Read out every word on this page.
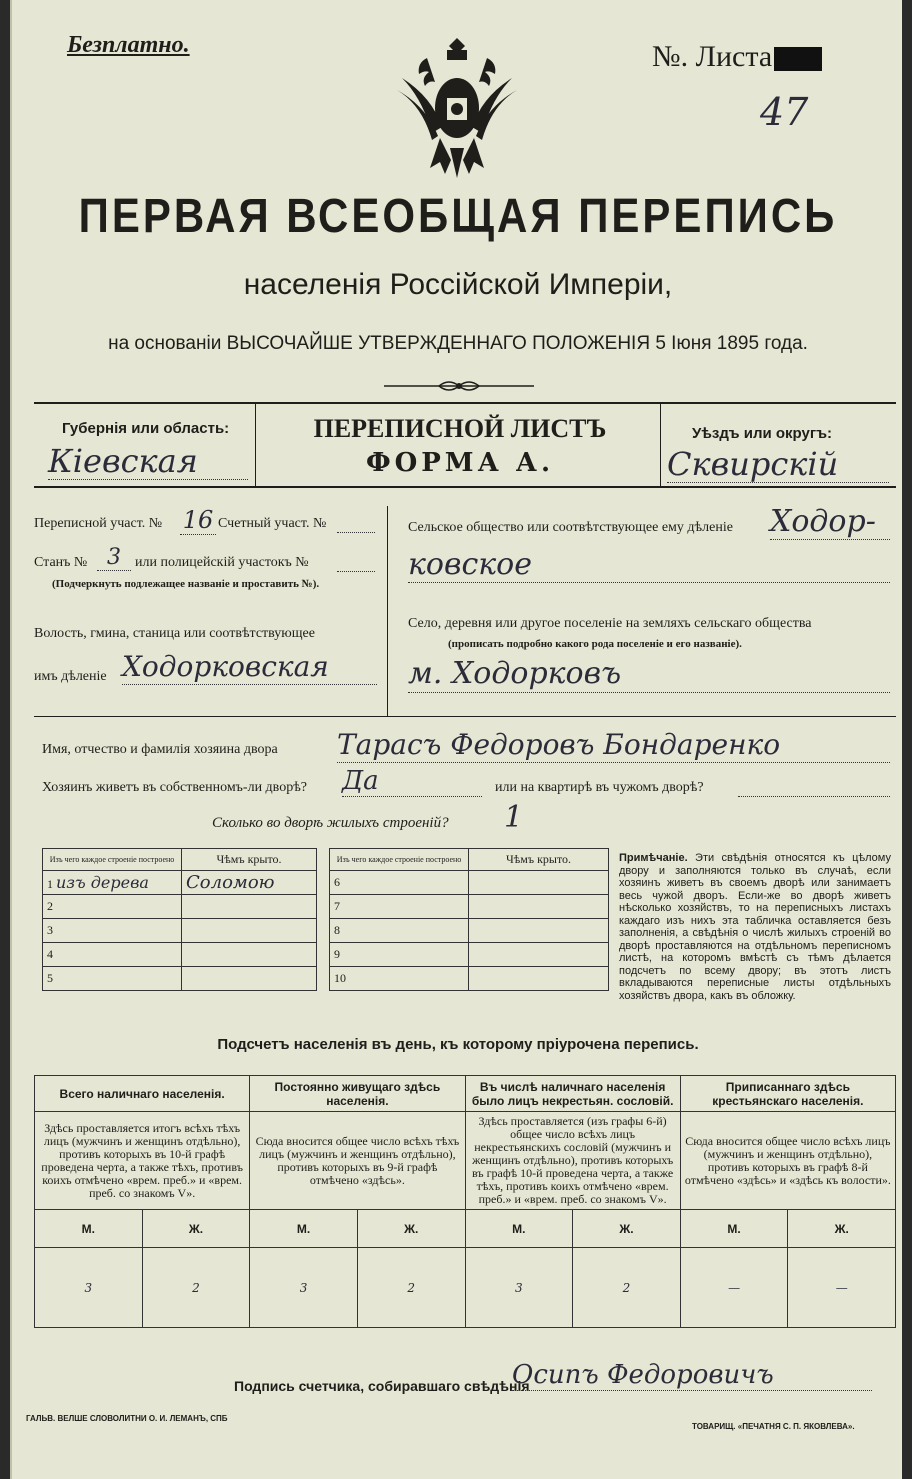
Безплатно.	№. Листа
47
ПЕРВАЯ ВСЕОБЩАЯ ПЕРЕПИСЬ
населенія Россійской Имперіи,
на основаніи ВЫСОЧАЙШЕ УТВЕРЖДЕННАГО ПОЛОЖЕНІЯ 5 Іюня 1895 года.
Губернія или область:
Кіевская
ПЕРЕПИСНОЙ ЛИСТЪ
ФОРМА А.
Уѣздъ или округъ:
Сквирскій
Переписной участ. № 16 Счетный участ. №
Станъ № 3	или полицейскій участокъ №
(Подчеркнуть подлежащее названіе и проставить №).
Волость, гмина, станица или соотвѣтствующее
имъ дѣленіе Ходорковская
Сельское общество или соотвѣтствующее ему дѣленіе Ходор-
ковское
Село, деревня или другое поселеніе на земляхъ сельскаго общества
(прописать подробно какого рода поселеніе и его названіе).
м. Ходорковъ
Имя, отчество и фамилія хозяина двора Тарасъ Федоровъ Бондаренко
Хозяинъ живетъ въ собственномъ-ли дворѣ? Да	или на квартирѣ въ чужомъ дворѣ?
Сколько во дворѣ жилыхъ строеній? 1
Изъ чего каждое строеніе построено	Чѣмъ крыто.
1 изъ дерева	Соломою
2	
3	
4	
5	
Изъ чего каждое строеніе построено	Чѣмъ крыто.
6	
7	
8	
9	
10	
Примѣчаніе. Эти свѣдѣнія относятся къ цѣлому двору и заполняются только въ случаѣ, если хозяинъ живетъ въ своемъ дворѣ или занимаетъ весь чужой дворъ. Если-же во дворѣ живетъ нѣсколько хозяйствъ, то на переписныхъ листахъ каждаго изъ нихъ эта табличка оставляется безъ заполненія, а свѣдѣнія о числѣ жилыхъ строеній во дворѣ проставляются на отдѣльномъ переписномъ листѣ, на которомъ вмѣстѣ съ тѣмъ дѣлается подсчетъ по всему двору; въ этотъ листъ вкладываются переписные листы отдѣльныхъ хозяйствъ двора, какъ въ обложку.
Подсчетъ населенія въ день, къ которому пріурочена перепись.
Всего наличнаго населенія.		Постоянно живущаго здѣсь населенія.		Въ числѣ наличнаго населенія было лицъ некрестьян. сословій.		Приписаннаго здѣсь крестьянскаго населенія.	
Здѣсь проставляется итогъ всѣхъ тѣхъ лицъ (мужчинъ и женщинъ отдѣльно), противъ которыхъ въ 10-й графѣ проведена черта, а также тѣхъ, противъ коихъ отмѣчено «врем. преб.» и «врем. преб. со знакомъ V».		Сюда вносится общее число всѣхъ тѣхъ лицъ (мужчинъ и женщинъ отдѣльно), противъ которыхъ въ 9-й графѣ отмѣчено «здѣсь».		Здѣсь проставляется (изъ графы 6-й) общее число всѣхъ лицъ некрестьянскихъ сословій (мужчинъ и женщинъ отдѣльно), противъ которыхъ въ графѣ 10-й проведена черта, а также тѣхъ, противъ коихъ отмѣчено «врем. преб.» и «врем. преб. со знакомъ V».		Сюда вносится общее число всѣхъ лицъ (мужчинъ и женщинъ отдѣльно), противъ которыхъ въ графѣ 8-й отмѣчено «здѣсь» и «здѣсь къ волости».	
М.	Ж.	М.	Ж.	М.	Ж.	М.	Ж.
3	2	3	2	3	2	—	—
Подпись счетчика, собиравшаго свѣдѣнія
Осипъ Федоровичъ
ГАЛЬВ. ВЕЛШЕ СЛОВОЛИТНИ О. И. ЛЕМАНЪ, СПБ
ТОВАРИЩ. «ПЕЧАТНЯ С. П. ЯКОВЛЕВА».
